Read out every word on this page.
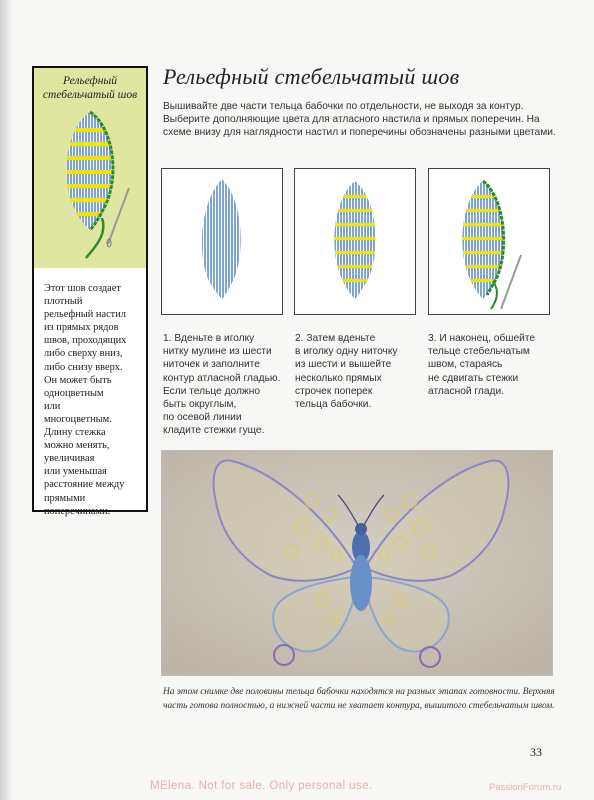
Рельефный
стебельчатый шов
Этот шов создает
плотный
рельефный настил
из прямых рядов
швов, проходящих
либо сверху вниз,
либо снизу вверх.
Он может быть
одноцветным
или
многоцветным.
Длину стежка
можно менять,
увеличивая
или уменьшая
расстояние между
прямыми
поперечинами.
Рельефный стебельчатый шов
Вышивайте две части тельца бабочки по отдельности, не выходя за контур. Выберите дополняющие цвета для атласного настила и прямых поперечин. На схеме внизу для наглядности настил и поперечины обозначены разными цветами.
1. Вденьте в иголку
нитку мулине из шести
ниточек и заполните
контур атласной гладью.
Если тельце должно
быть округлым,
по осевой линии
кладите стежки гуще.
2. Затем вденьте
в иголку одну ниточку
из шести и вышейте
несколько прямых
строчек поперек
тельца бабочки.
3. И наконец, обшейте
тельце стебельчатым
швом, стараясь
не сдвигать стежки
атласной глади.
На этом снимке две половины тельца бабочки находятся на разных этапах готовности. Верхняя часть готова полностью, а нижней части не хватает контура, вышитого стебельчатым швом.
33
MElena. Not for sale. Only personal use.	PassionForum.ru
